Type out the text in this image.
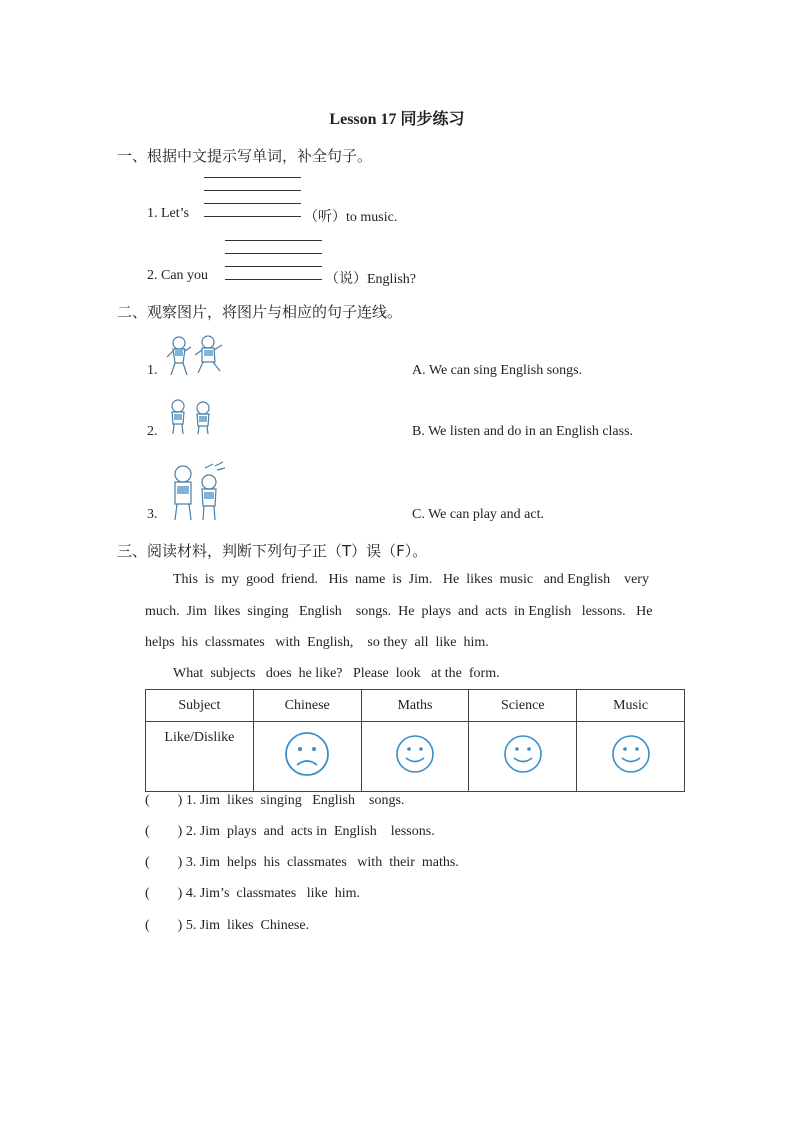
Lesson 17 同步练习
一、根据中文提示写单词，补全句子。
1. Let’s	（听）to music.
2. Can you	（说）English?
二、观察图片，将图片与相应的句子连线。
1.	A. We can sing English songs.
2.	B. We listen and do in an English class.
3.	C. We can play and act.
三、阅读材料，判断下列句子正（T）误（F）。
This  is  my  good  friend.   His  name  is  Jim.   He  likes  music   and English    very
much.  Jim  likes  singing   English    songs.  He  plays  and  acts  in English   lessons.   He
helps  his  classmates   with  English,    so they  all  like  him.
What  subjects   does  he like?   Please  look   at the  form.
Subject	Chinese	Maths	Science	Music
Like/Dislike				
(        ) 1. Jim  likes  singing   English    songs.
(        ) 2. Jim  plays  and  acts in  English    lessons.
(        ) 3. Jim  helps  his  classmates   with  their  maths.
(        ) 4. Jim’s  classmates   like  him.
(        ) 5. Jim  likes  Chinese.
